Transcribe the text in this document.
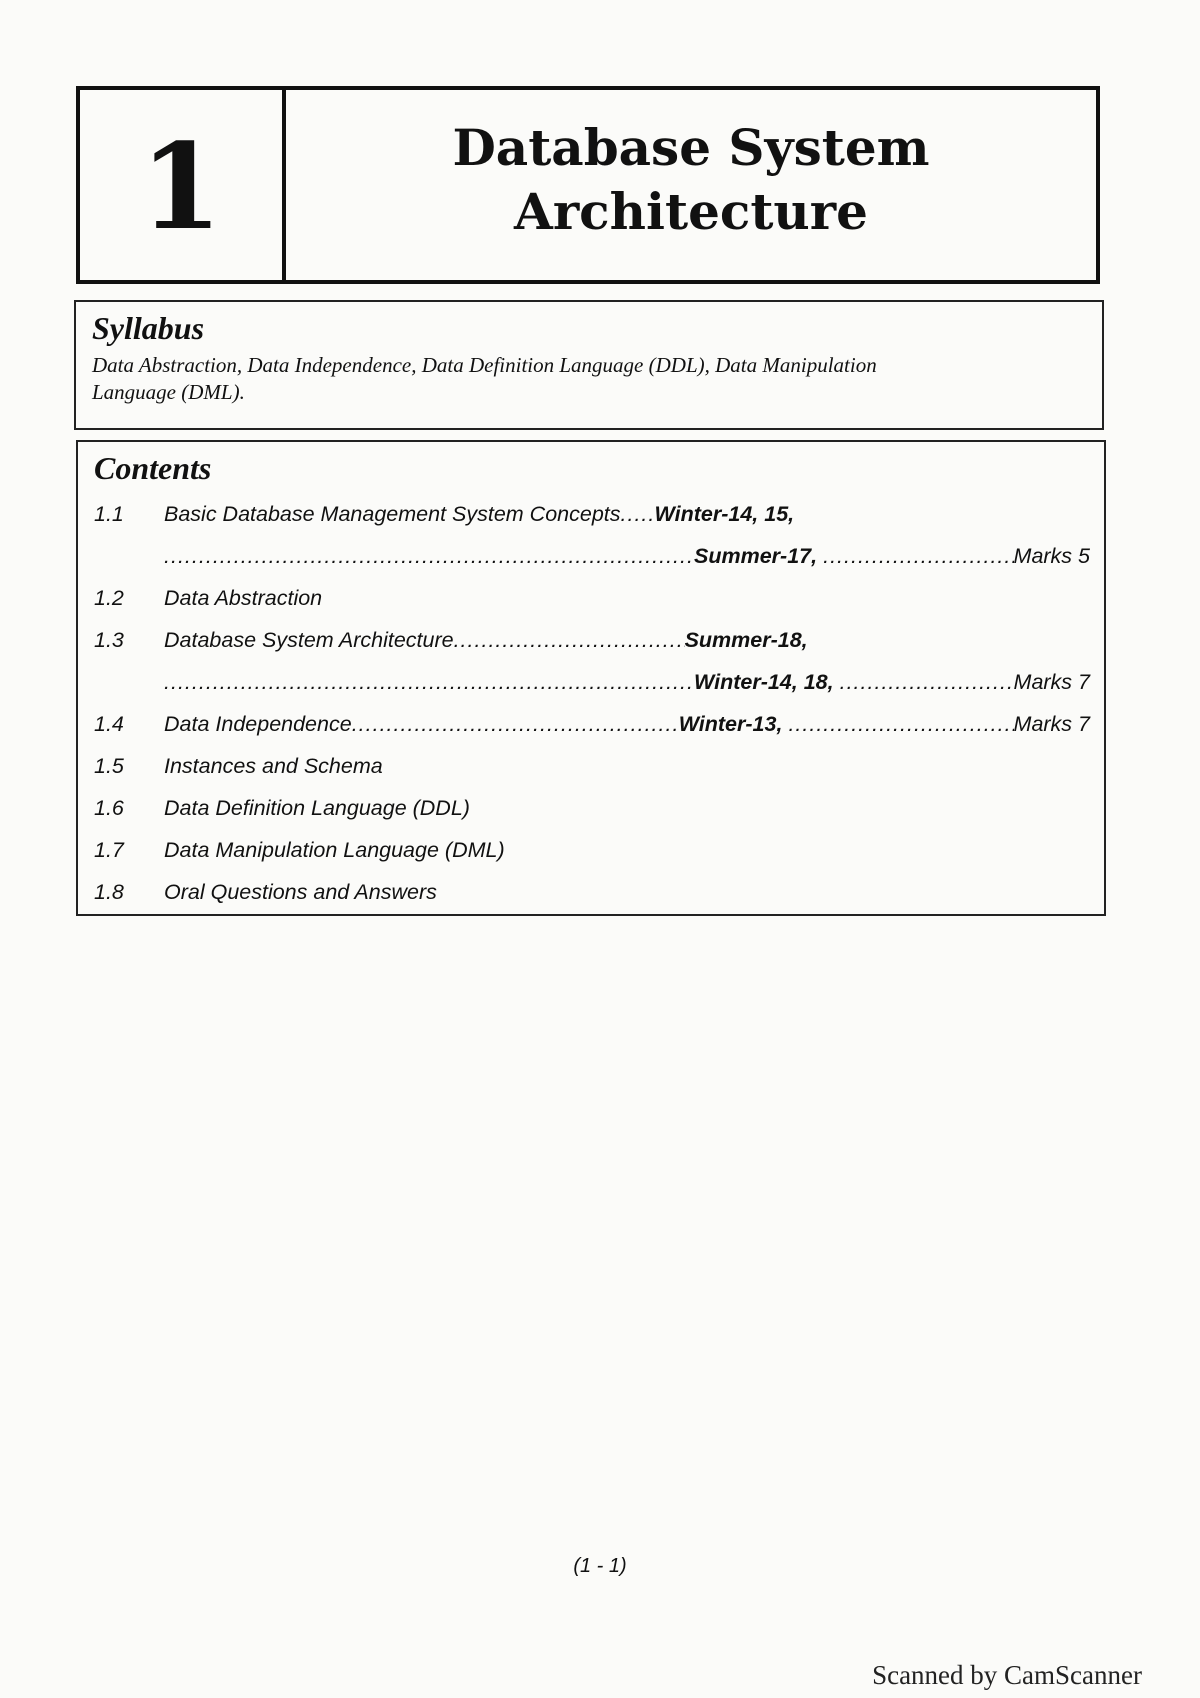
1	Database System
Architecture
Syllabus
Data Abstraction, Data Independence, Data Definition Language (DDL), Data Manipulation
Language (DML).
Contents
1.1	Basic Database Management System Concepts ..... Winter-14, 15,
.....
Summer-17, .....	Marks 5
1.2	Data Abstraction
1.3	Database System Architecture .....	Summer-18,
.....
Winter-14, 18, .....	Marks 7
1.4	Data Independence .....	Winter-13, .....	Marks 7
1.5	Instances and Schema
1.6	Data Definition Language (DDL)
1.7	Data Manipulation Language (DML)
1.8	Oral Questions and Answers
(1 - 1)
Scanned by CamScanner
